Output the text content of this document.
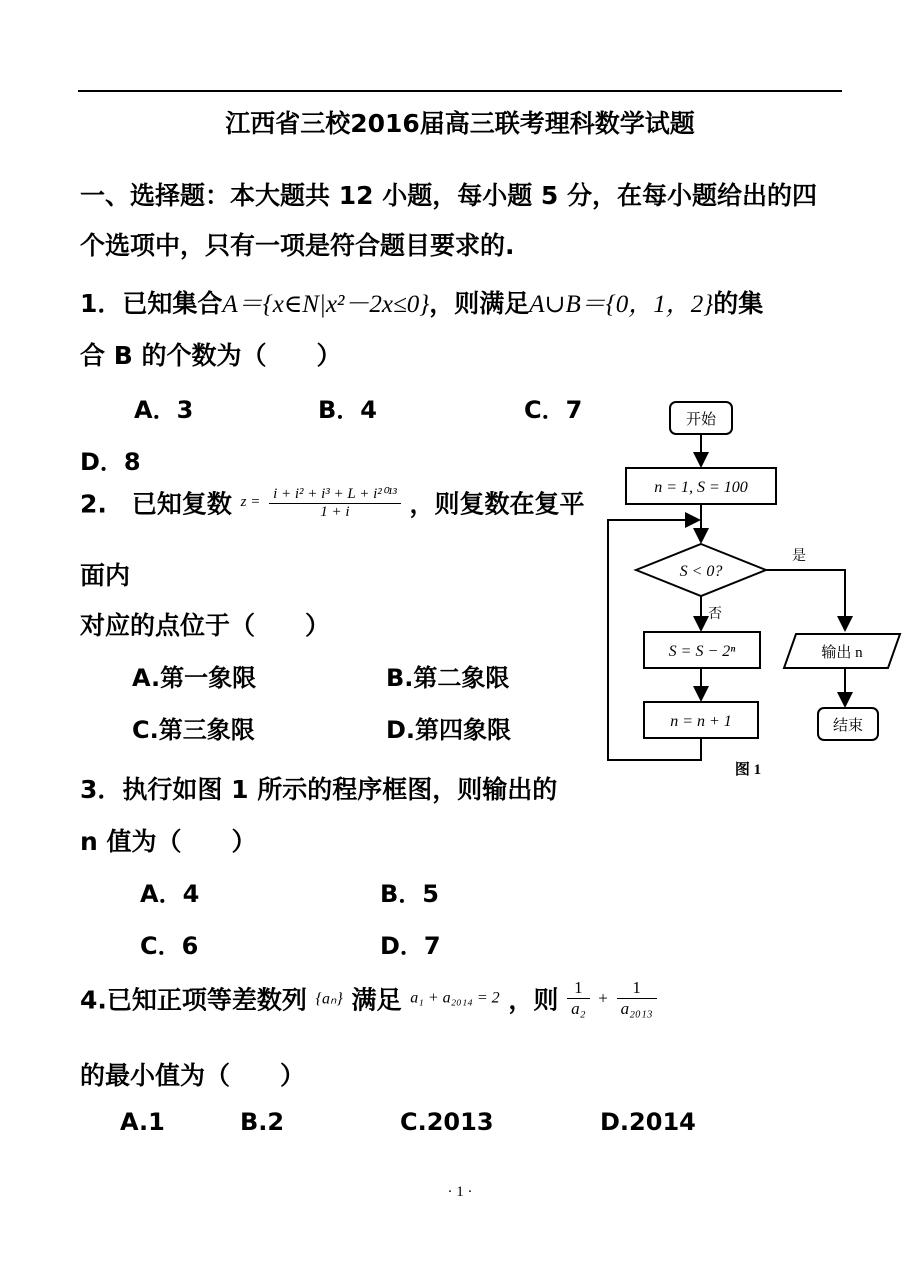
江西省三校2016届高三联考理科数学试题
一、选择题：本大题共 12 小题，每小题 5 分，在每小题给出的四
个选项中，只有一项是符合题目要求的.
1．已知集合A＝{x∈N|x²－2x≤0}，则满足A∪B＝{0，1，2}的集
合 B 的个数为（　　）
A．3	B．4	C．7
D．8
2.　已知复数 $z = \frac{\text{i + i² + i³ + L + i²⁰¹³}}{1 + i}$ ，则复数在复平
面内
对应的点位于（　　）
A.第一象限	B.第二象限
C.第三象限	D.第四象限
3．执行如图 1 所示的程序框图，则输出的
n 值为（　　）
A．4	B．5
C．6	D．7
4.已知正项等差数列 {aₙ} 满足 a₁ + a₂₀₁₄ = 2 ，则 $\frac{1}{\text{a₂}} + \frac{1}{\text{a₂₀₁₃}}$
的最小值为（　　）
A.1	B.2	C.2013	D.2014
开始
n = 1, S = 100
S < 0?
是
否
S = S − 2ⁿ
n = n + 1
输出 n
结束
图 1
· 1 ·
